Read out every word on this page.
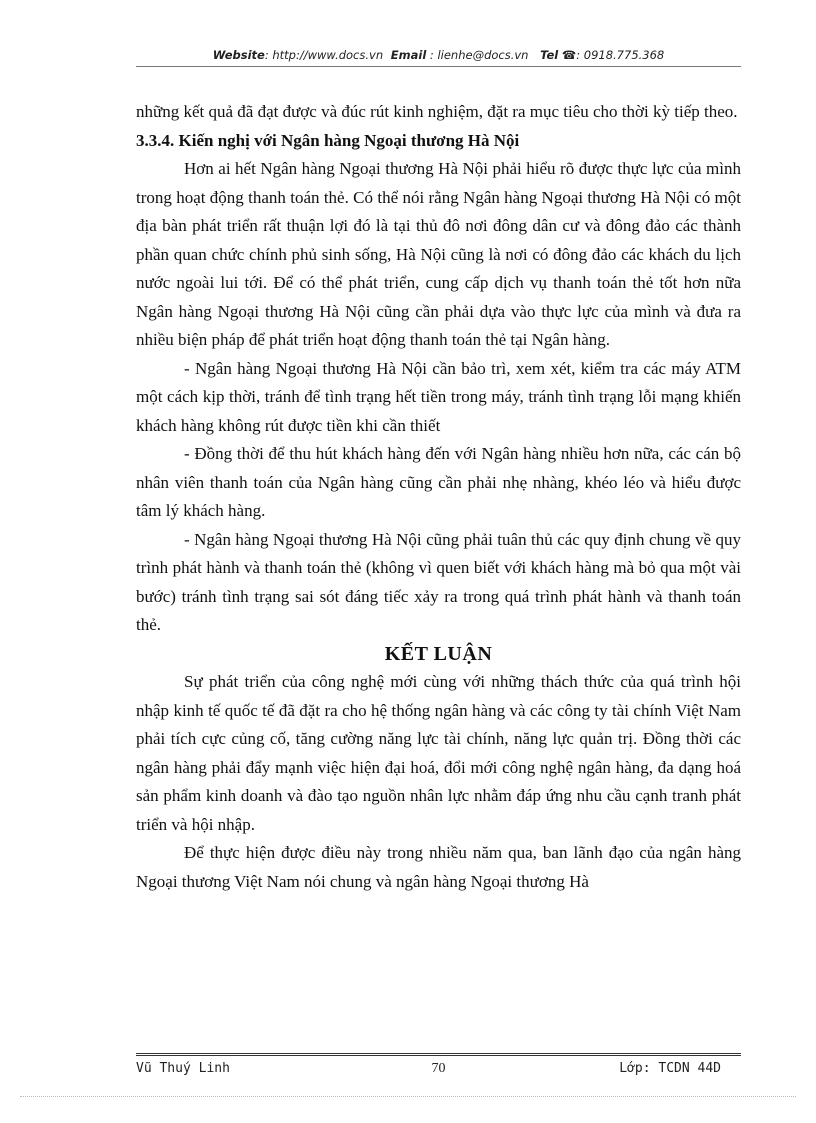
Website: http://www.docs.vn Email : lienhe@docs.vn Tel ☎: 0918.775.368

những kết quả đã đạt được và đúc rút kinh nghiệm, đặt ra mục tiêu cho thời kỳ tiếp theo.

3.3.4. Kiến nghị với Ngân hàng Ngoại thương Hà Nội

Hơn ai hết Ngân hàng Ngoại thương Hà Nội phải hiểu rõ được thực lực của mình trong hoạt động thanh toán thẻ. Có thể nói rằng Ngân hàng Ngoại thương Hà Nội có một địa bàn phát triển rất thuận lợi đó là tại thủ đô nơi đông dân cư và đông đảo các thành phần quan chức chính phủ sinh sống, Hà Nội cũng là nơi có đông đảo các khách du lịch nước ngoài lui tới. Để có thể phát triển, cung cấp dịch vụ thanh toán thẻ tốt hơn nữa Ngân hàng Ngoại thương Hà Nội cũng cần phải dựa vào thực lực của mình và đưa ra nhiều biện pháp để phát triển hoạt động thanh toán thẻ tại Ngân hàng.

- Ngân hàng Ngoại thương Hà Nội cần bảo trì, xem xét, kiểm tra các máy ATM một cách kịp thời, tránh để tình trạng hết tiền trong máy, tránh tình trạng lỗi mạng khiến khách hàng không rút được tiền khi cần thiết

- Đồng thời để thu hút khách hàng đến với Ngân hàng nhiều hơn nữa, các cán bộ nhân viên thanh toán của Ngân hàng cũng cần phải nhẹ nhàng, khéo léo và hiểu được tâm lý khách hàng.

- Ngân hàng Ngoại thương Hà Nội cũng phải tuân thủ các quy định chung về quy trình phát hành và thanh toán thẻ (không vì quen biết với khách hàng mà bỏ qua một vài bước) tránh tình trạng sai sót đáng tiếc xảy ra trong quá trình phát hành và thanh toán thẻ.

KẾT LUẬN

Sự phát triển của công nghệ mới cùng với những thách thức của quá trình hội nhập kinh tế quốc tế đã đặt ra cho hệ thống ngân hàng và các công ty tài chính Việt Nam phải tích cực củng cố, tăng cường năng lực tài chính, năng lực quản trị. Đồng thời các ngân hàng phải đẩy mạnh việc hiện đại hoá, đổi mới công nghệ ngân hàng, đa dạng hoá sản phẩm kinh doanh và đào tạo nguồn nhân lực nhằm đáp ứng nhu cầu cạnh tranh phát triển và hội nhập.

Để thực hiện được điều này trong nhiều năm qua, ban lãnh đạo của ngân hàng Ngoại thương Việt Nam nói chung và ngân hàng Ngoại thương Hà

Vũ Thuý Linh	70	Lớp: TCDN 44D
